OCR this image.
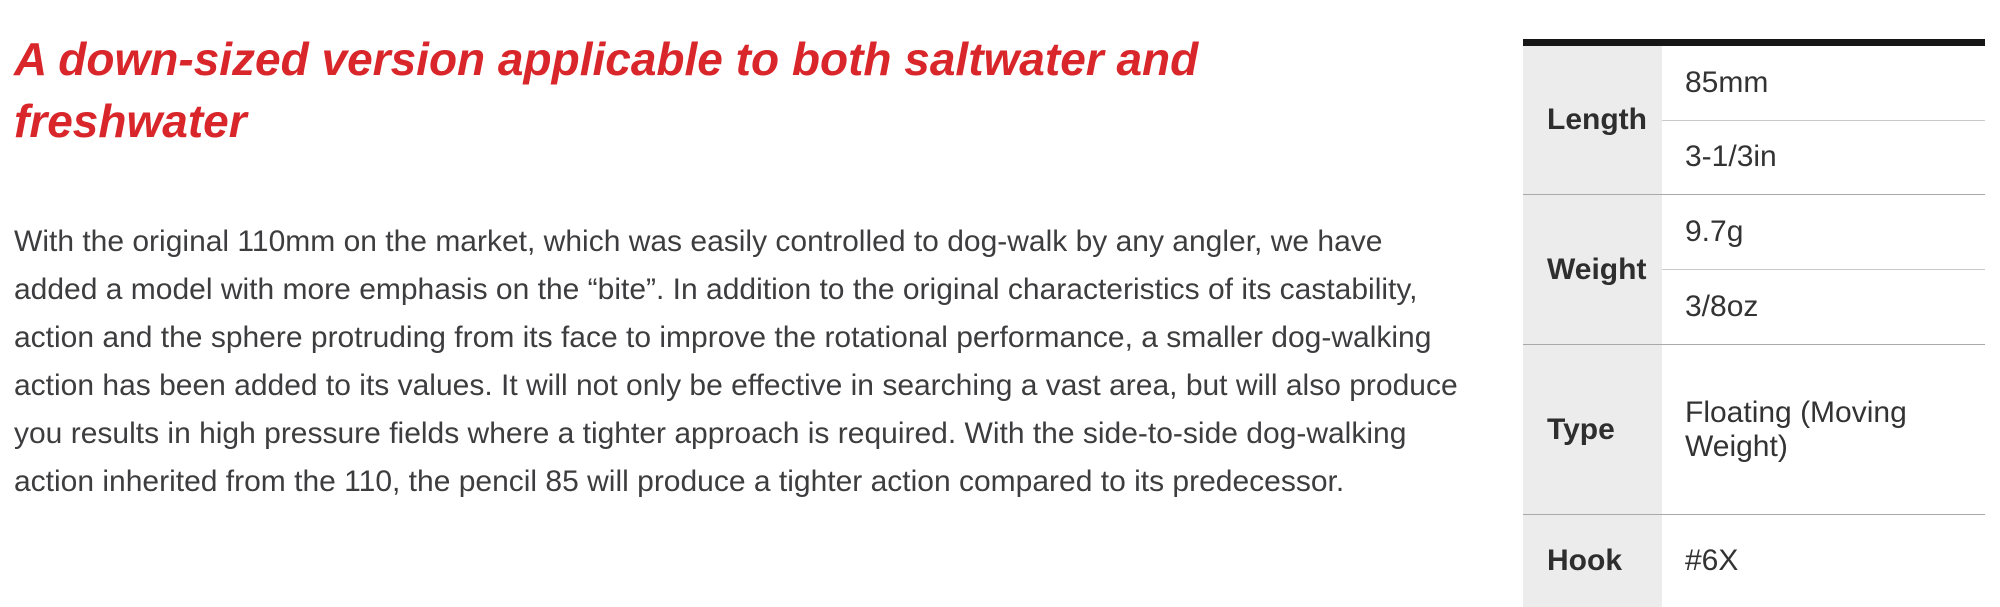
A down-sized version applicable to both saltwater and
freshwater
With the original 110mm on the market, which was easily controlled to dog-walk by any angler, we have
added a model with more emphasis on the “bite”. In addition to the original characteristics of its castability,
action and the sphere protruding from its face to improve the rotational performance, a smaller dog-walking
action has been added to its values. It will not only be effective in searching a vast area, but will also produce
you results in high pressure fields where a tighter approach is required. With the side-to-side dog-walking
action inherited from the 110, the pencil 85 will produce a tighter action compared to its predecessor.
Length
85mm
3-1/3in
Weight
9.7g
3/8oz
Type
Floating (Moving Weight)
Hook	#6X
